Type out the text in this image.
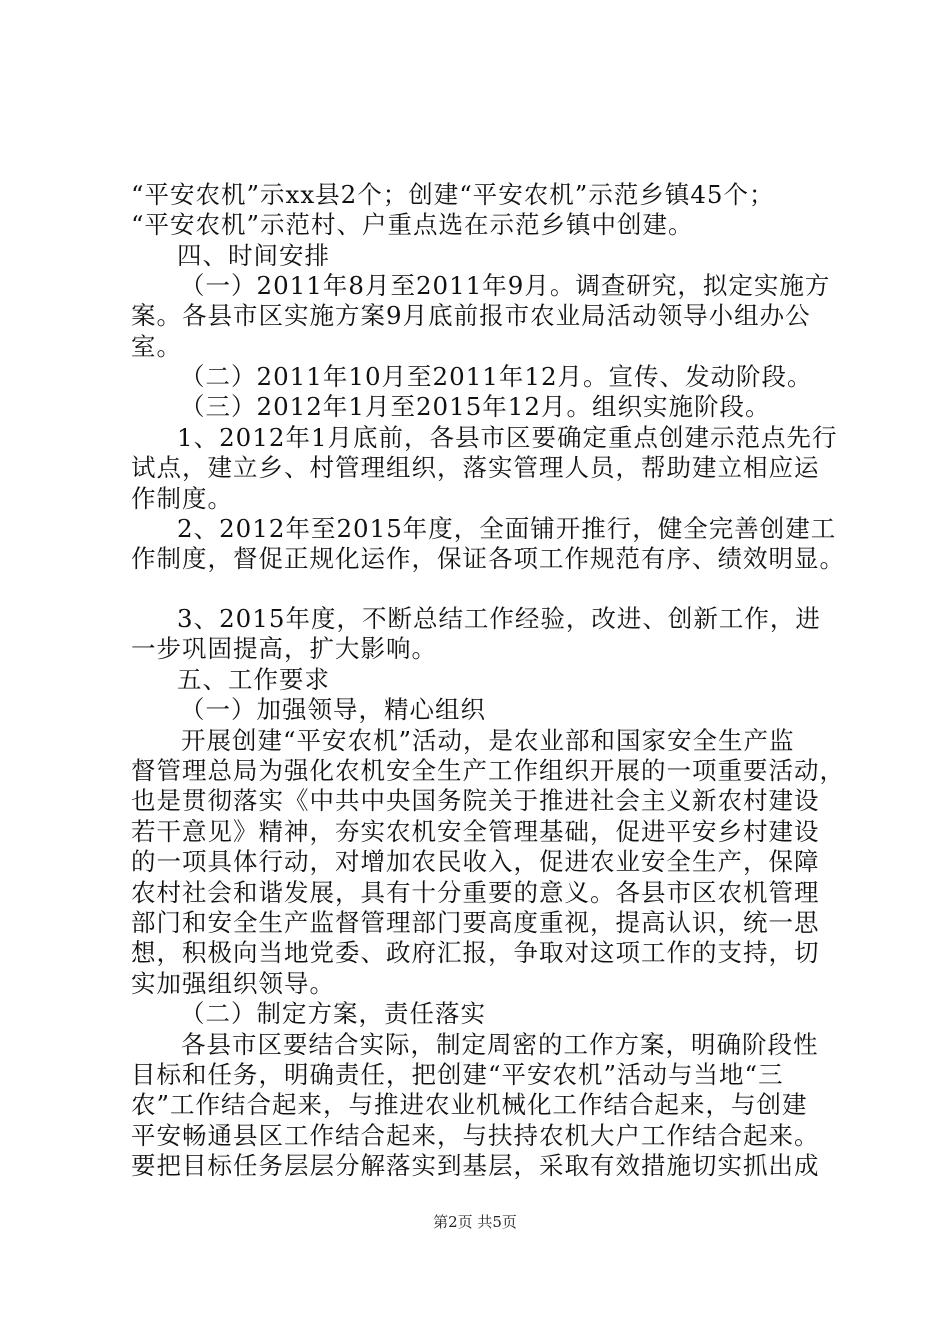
“平安农机”示xx县2个；创建“平安农机”示范乡镇45个；
“平安农机”示范村、户重点选在示范乡镇中创建。
四、时间安排
（一）2011年8月至2011年9月。调查研究，拟定实施方
案。各县市区实施方案9月底前报市农业局活动领导小组办公
室。
（二）2011年10月至2011年12月。宣传、发动阶段。
（三）2012年1月至2015年12月。组织实施阶段。
1、2012年1月底前，各县市区要确定重点创建示范点先行
试点，建立乡、村管理组织，落实管理人员，帮助建立相应运
作制度。
2、2012年至2015年度，全面铺开推行，健全完善创建工
作制度，督促正规化运作，保证各项工作规范有序、绩效明显。
3、2015年度，不断总结工作经验，改进、创新工作，进
一步巩固提高，扩大影响。
五、工作要求
（一）加强领导，精心组织
开展创建“平安农机”活动，是农业部和国家安全生产监
督管理总局为强化农机安全生产工作组织开展的一项重要活动，
也是贯彻落实《中共中央国务院关于推进社会主义新农村建设
若干意见》精神，夯实农机安全管理基础，促进平安乡村建设
的一项具体行动，对增加农民收入，促进农业安全生产，保障
农村社会和谐发展，具有十分重要的意义。各县市区农机管理
部门和安全生产监督管理部门要高度重视，提高认识，统一思
想，积极向当地党委、政府汇报，争取对这项工作的支持，切
实加强组织领导。
（二）制定方案，责任落实
各县市区要结合实际，制定周密的工作方案，明确阶段性
目标和任务，明确责任，把创建“平安农机”活动与当地“三
农”工作结合起来，与推进农业机械化工作结合起来，与创建
平安畅通县区工作结合起来，与扶持农机大户工作结合起来。
要把目标任务层层分解落实到基层，采取有效措施切实抓出成
第2页 共5页
